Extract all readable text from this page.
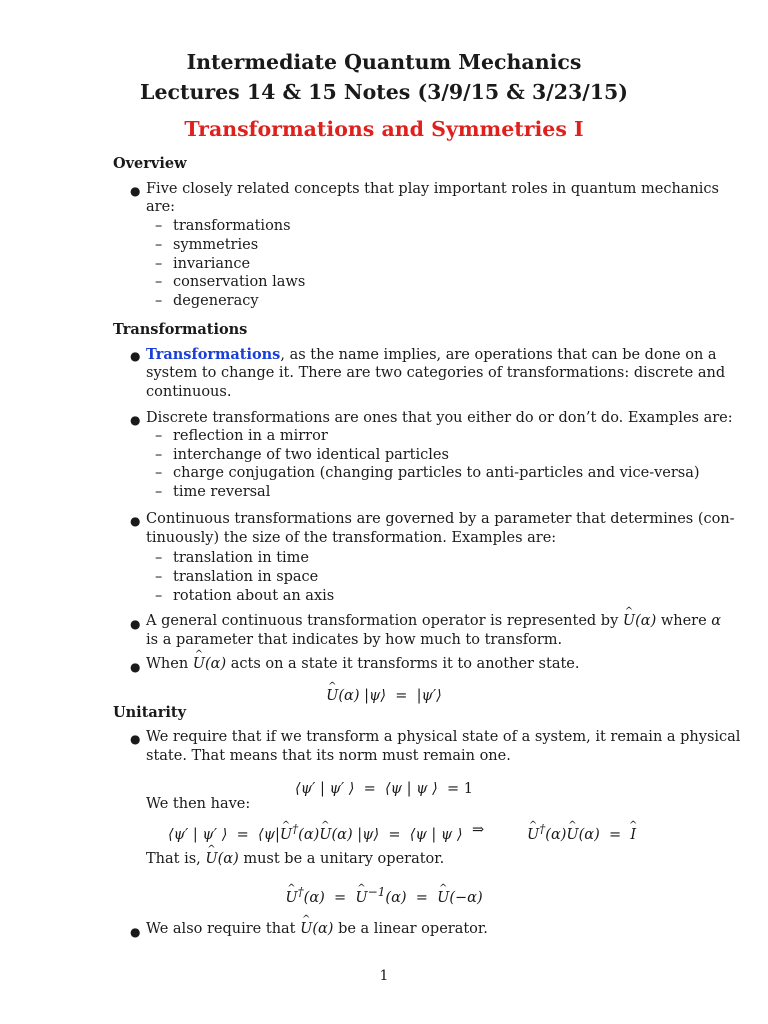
Intermediate Quantum Mechanics
Lectures 14 & 15 Notes (3/9/15 & 3/23/15)
Transformations and Symmetries I
Overview
● Five closely related concepts that play important roles in quantum mechanics
are:
– transformations
– symmetries
– invariance
– conservation laws
– degeneracy
Transformations
● Transformations, as the name implies, are operations that can be done on a
system to change it. There are two categories of transformations: discrete and
continuous.
● Discrete transformations are ones that you either do or don’t do. Examples are:
– reflection in a mirror
– interchange of two identical particles
– charge conjugation (changing particles to anti-particles and vice-versa)
– time reversal
● Continuous transformations are governed by a parameter that determines (con-
tinuously) the size of the transformation. Examples are:
– translation in time
– translation in space
– rotation about an axis
● A general continuous transformation operator is represented by ^ U(α) where α
is a parameter that indicates by how much to transform.
● When ^ U(α) acts on a state it transforms it to another state.
^ U(α) |ψ⟩  =  |ψ′⟩
Unitarity
● We require that if we transform a physical state of a system, it remain a physical
state. That means that its norm must remain one.
⟨ψ′ | ψ′ ⟩  =  ⟨ψ | ψ ⟩  = 1
We then have:
⟨ψ′ | ψ′ ⟩  =  ⟨ψ|^ U†(α)^ U(α) |ψ⟩  =  ⟨ψ | ψ ⟩ ⇒	^ U†(α)^ U(α)  = ^ I
That is, ^ U(α) must be a unitary operator.
^ U†(α)  = ^ $U^{-1}(\alpha)$  = ^ U(−α)
● We also require that ^ U(α) be a linear operator.
1
